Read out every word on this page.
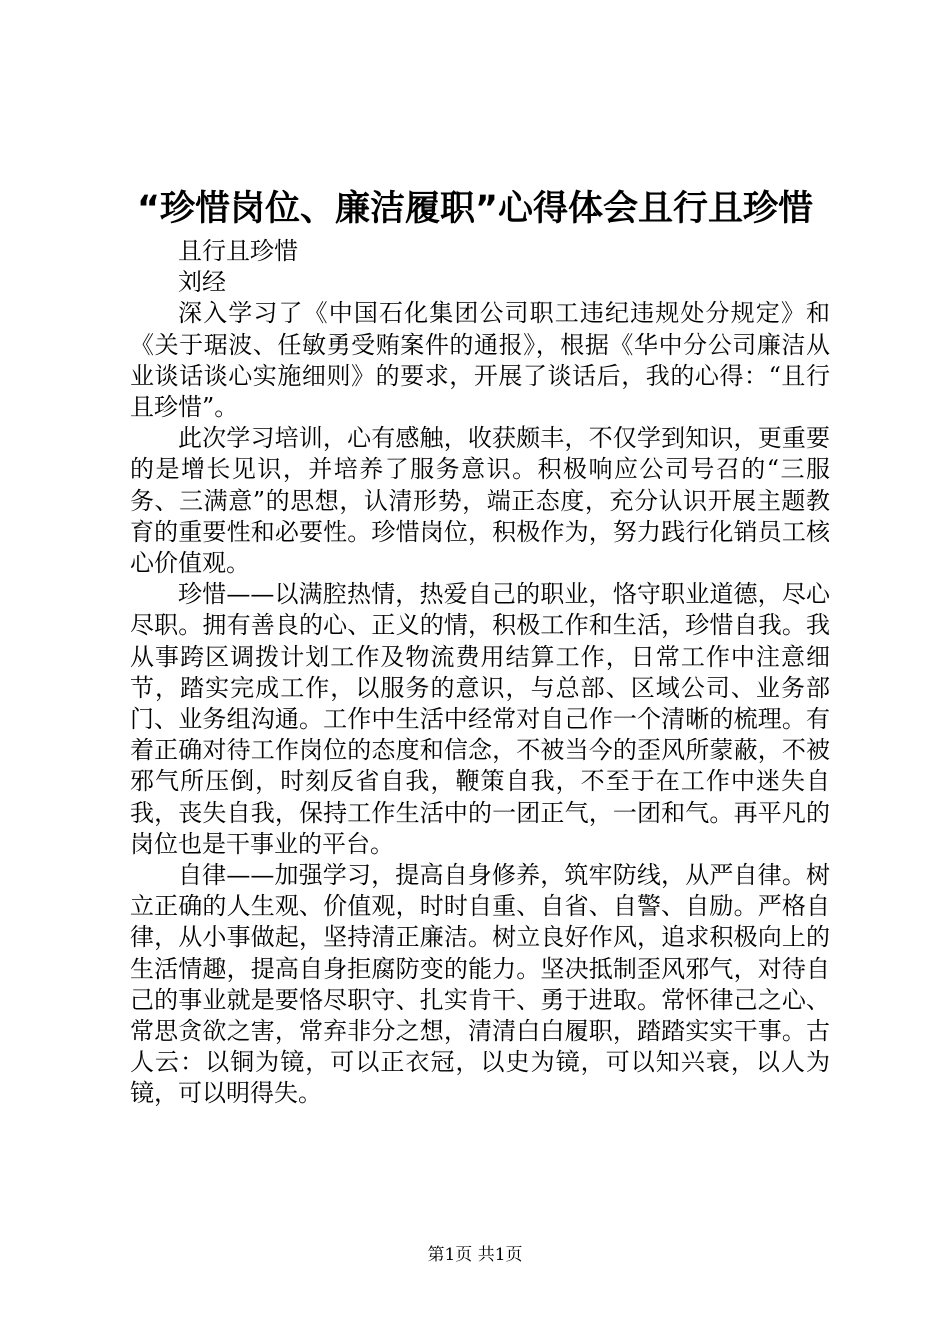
“珍惜岗位、廉洁履职”心得体会且行且珍惜

且行且珍惜

刘经

深入学习了《中国石化集团公司职工违纪违规处分规定》和《关于琚波、任敏勇受贿案件的通报》，根据《华中分公司廉洁从业谈话谈心实施细则》的要求，开展了谈话后，我的心得：“且行且珍惜”。

此次学习培训，心有感触，收获颇丰，不仅学到知识，更重要的是增长见识，并培养了服务意识。积极响应公司号召的“三服务、三满意”的思想，认清形势，端正态度，充分认识开展主题教育的重要性和必要性。珍惜岗位，积极作为，努力践行化销员工核心价值观。

珍惜——以满腔热情，热爱自己的职业，恪守职业道德，尽心尽职。拥有善良的心、正义的情，积极工作和生活，珍惜自我。我从事跨区调拨计划工作及物流费用结算工作，日常工作中注意细节，踏实完成工作，以服务的意识，与总部、区域公司、业务部门、业务组沟通。工作中生活中经常对自己作一个清晰的梳理。有着正确对待工作岗位的态度和信念，不被当今的歪风所蒙蔽，不被邪气所压倒，时刻反省自我，鞭策自我，不至于在工作中迷失自我，丧失自我，保持工作生活中的一团正气，一团和气。再平凡的岗位也是干事业的平台。

自律——加强学习，提高自身修养，筑牢防线，从严自律。树立正确的人生观、价值观，时时自重、自省、自警、自励。严格自律，从小事做起，坚持清正廉洁。树立良好作风，追求积极向上的生活情趣，提高自身拒腐防变的能力。坚决抵制歪风邪气，对待自己的事业就是要恪尽职守、扎实肯干、勇于进取。常怀律己之心、常思贪欲之害，常弃非分之想，清清白白履职，踏踏实实干事。古人云：以铜为镜，可以正衣冠，以史为镜，可以知兴衰，以人为镜，可以明得失。

第1页 共1页
